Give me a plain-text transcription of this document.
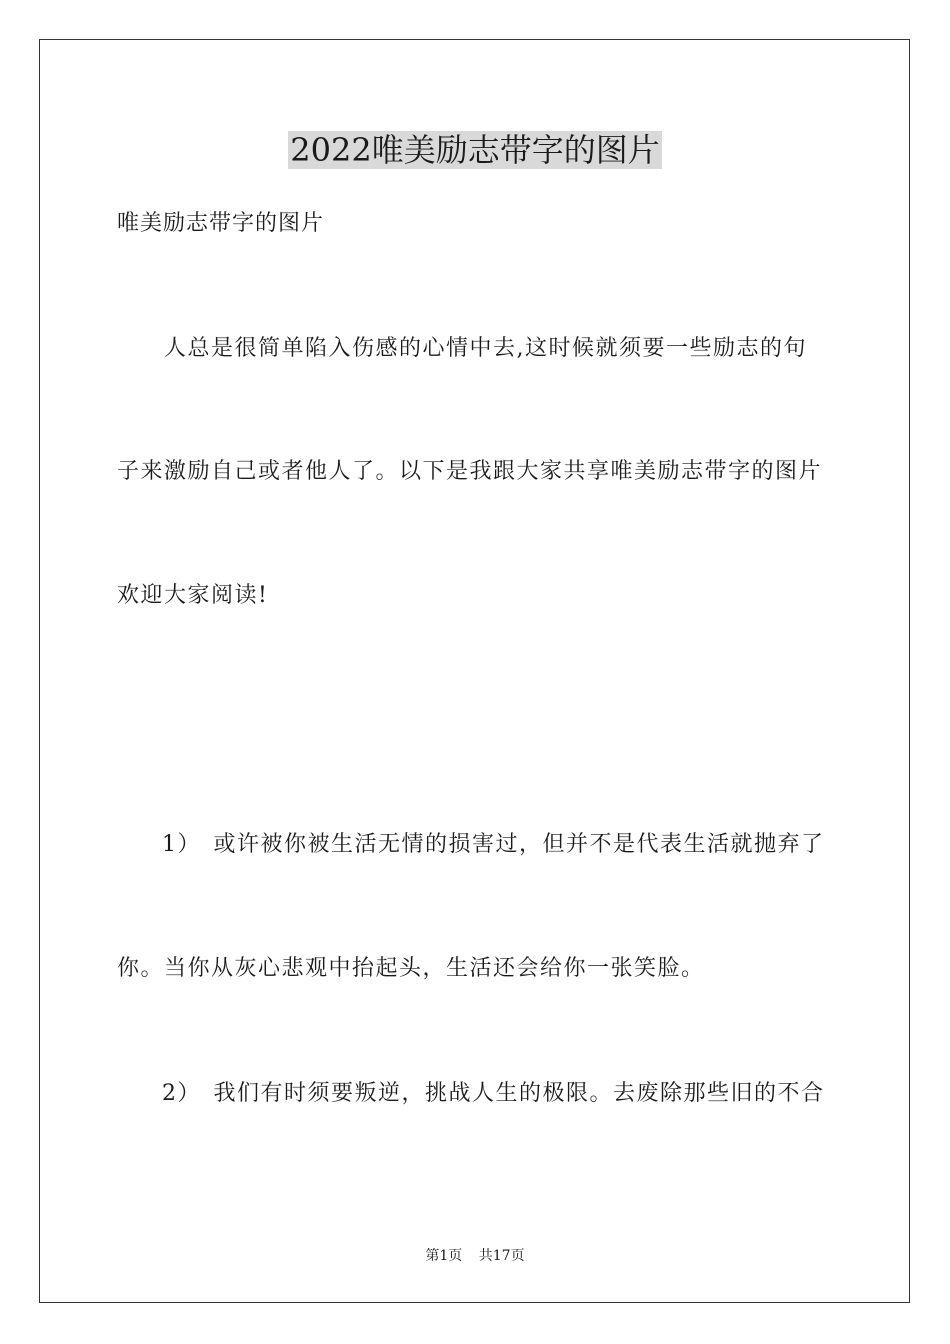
2022唯美励志带字的图片

唯美励志带字的图片

人总是很简单陷入伤感的心情中去,这时候就须要一些励志的句

子来激励自己或者他人了。以下是我跟大家共享唯美励志带字的图片

欢迎大家阅读!

1）　或许被你被生活无情的损害过，但并不是代表生活就抛弃了

你。当你从灰心悲观中抬起头，生活还会给你一张笑脸。

2）　我们有时须要叛逆，挑战人生的极限。去废除那些旧的不合

第1页 共17页
